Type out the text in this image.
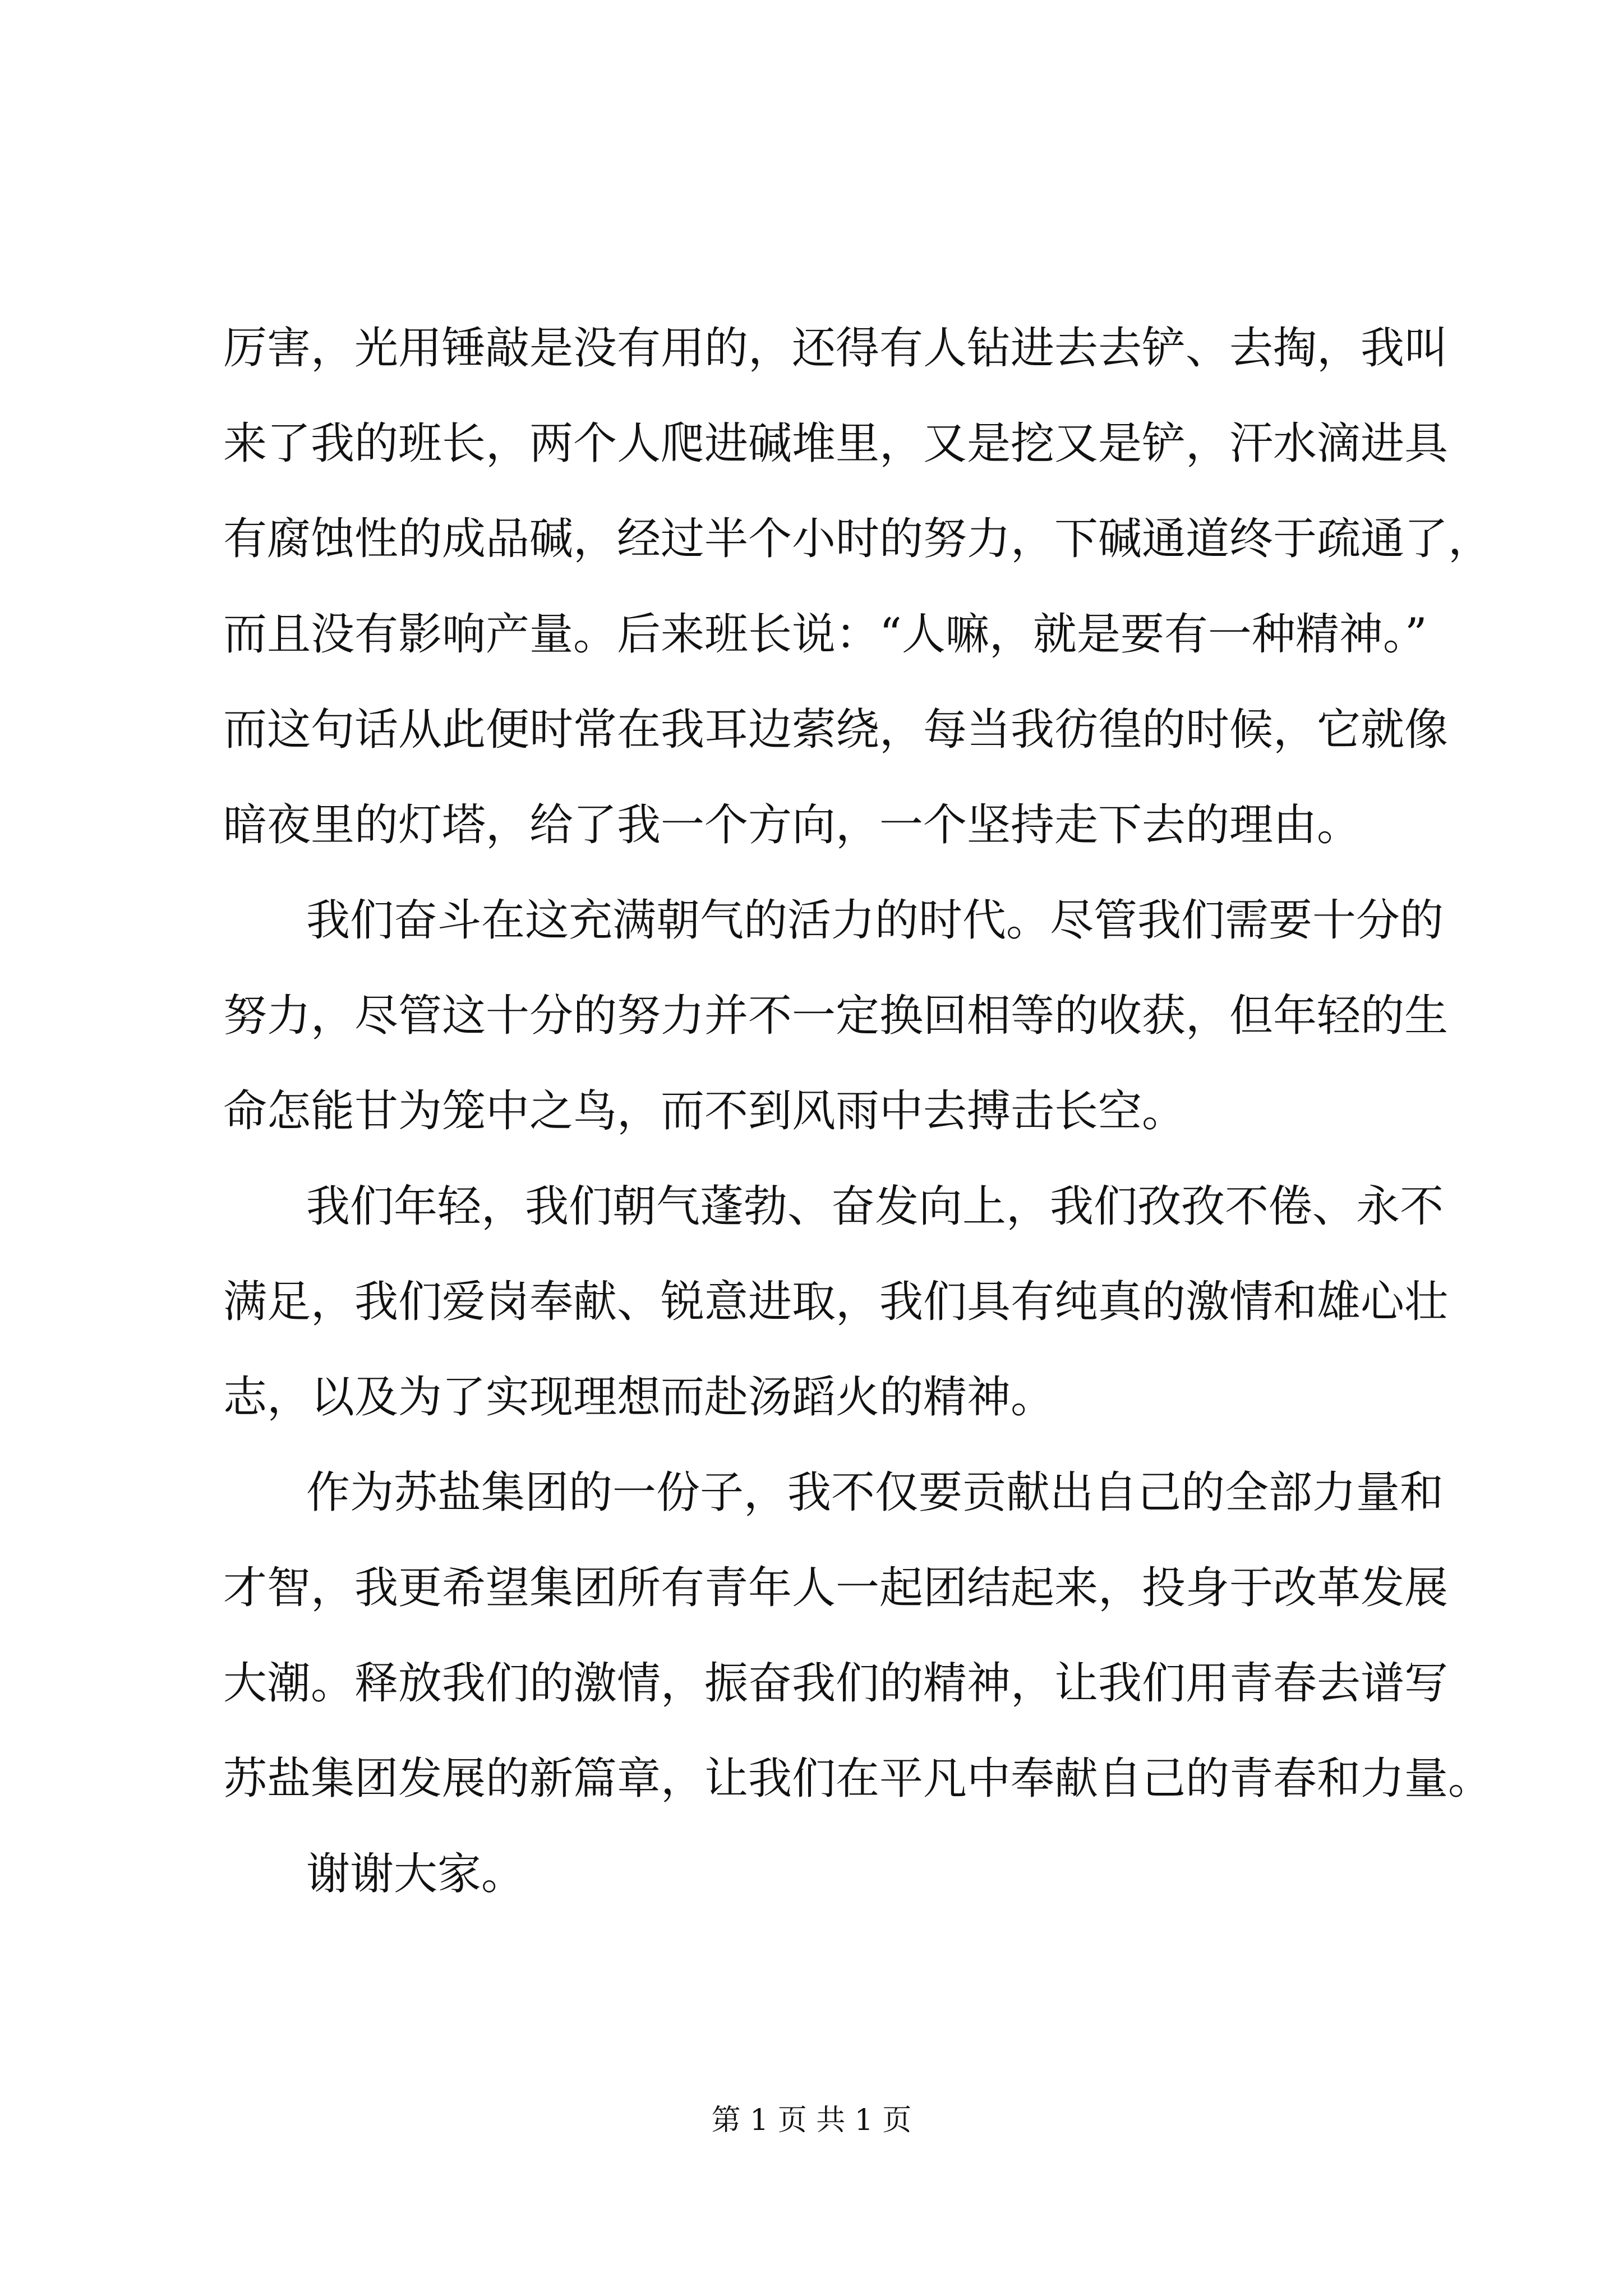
厉害，光用锤敲是没有用的，还得有人钻进去去铲、去掏，我叫
来了我的班长，两个人爬进碱堆里，又是挖又是铲，汗水滴进具
有腐蚀性的成品碱，经过半个小时的努力，下碱通道终于疏通了，
而且没有影响产量。后来班长说：“人嘛，就是要有一种精神。”
而这句话从此便时常在我耳边萦绕，每当我彷徨的时候，它就像
暗夜里的灯塔，给了我一个方向，一个坚持走下去的理由。
我们奋斗在这充满朝气的活力的时代。尽管我们需要十分的
努力，尽管这十分的努力并不一定换回相等的收获，但年轻的生
命怎能甘为笼中之鸟，而不到风雨中去搏击长空。
我们年轻，我们朝气蓬勃、奋发向上，我们孜孜不倦、永不
满足，我们爱岗奉献、锐意进取，我们具有纯真的激情和雄心壮
志，以及为了实现理想而赴汤蹈火的精神。
作为苏盐集团的一份子，我不仅要贡献出自己的全部力量和
才智，我更希望集团所有青年人一起团结起来，投身于改革发展
大潮。释放我们的激情，振奋我们的精神，让我们用青春去谱写
苏盐集团发展的新篇章，让我们在平凡中奉献自己的青春和力量。
谢谢大家。
第 1 页 共 1 页
